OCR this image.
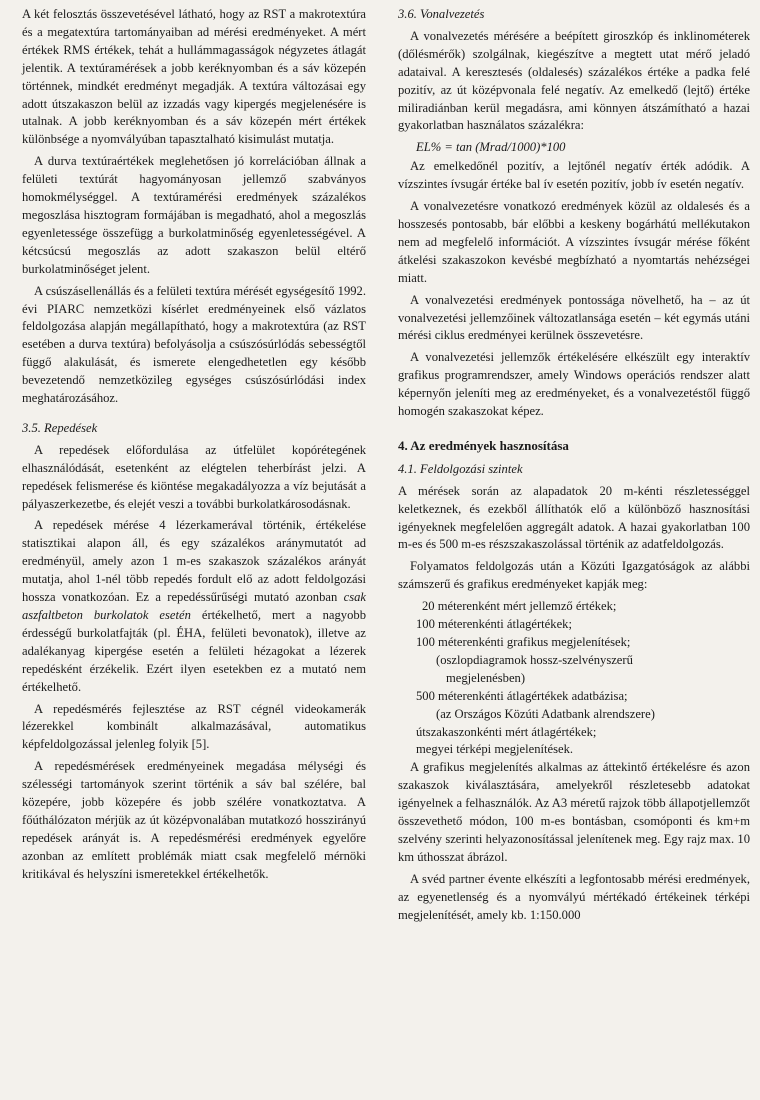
A két felosztás összevetésével látható, hogy az RST a makrotextúra és a megatextúra tartományaiban ad mérési eredményeket. A mért értékek RMS értékek, tehát a hullámmagasságok négyzetes átlagát jelentik. A textúramérések a jobb keréknyomban és a sáv közepén történnek, mindkét eredményt megadják. A textúra változásai egy adott útszakaszon belül az izzadás vagy kipergés megjelenésére is utalnak. A jobb keréknyomban és a sáv közepén mért értékek különbsége a nyomvályúban tapasztalható kisimulást mutatja.

A durva textúraértékek meglehetősen jó korrelációban állnak a felületi textúrát hagyományosan jellemző szabványos homokmélységgel. A textúramérési eredmények százalékos megoszlása hisztogram formájában is megadható, ahol a megoszlás egyenletessége összefügg a burkolatminőség egyenletességével. A kétcsúcsú megoszlás az adott szakaszon belül eltérő burkolatminőséget jelent.

A csúszásellenállás és a felületi textúra mérését egységesítő 1992. évi PIARC nemzetközi kísérlet eredményeinek első vázlatos feldolgozása alapján megállapítható, hogy a makrotextúra (az RST esetében a durva textúra) befolyásolja a csúszósúrlódás sebességtől függő alakulását, és ismerete elengedhetetlen egy később bevezetendő nemzetközileg egységes csúszósúrlódási index meghatározásához.

3.5. Repedések

A repedések előfordulása az útfelület kopórétegének elhasználódását, esetenként az elégtelen teherbírást jelzi. A repedések felismerése és kiöntése megakadályozza a víz bejutását a pályaszerkezetbe, és elejét veszi a további burkolatkárosodásnak.

A repedések mérése 4 lézerkamerával történik, értékelése statisztikai alapon áll, és egy százalékos aránymutatót ad eredményül, amely azon 1 m-es szakaszok százalékos arányát mutatja, ahol 1-nél több repedés fordult elő az adott feldolgozási hossza vonatkozóan. Ez a repedéssűrűségi mutató azonban csak aszfaltbeton burkolatok esetén értékelhető, mert a nagyobb érdességű burkolatfajták (pl. ÉHA, felületi bevonatok), illetve az adalékanyag kipergése esetén a felületi hézagokat a lézerek repedésként érzékelik. Ezért ilyen esetekben ez a mutató nem értékelhető.

A repedésmérés fejlesztése az RST cégnél videokamerák lézerekkel kombinált alkalmazásával, automatikus képfeldolgozással jelenleg folyik [5].

A repedésmérések eredményeinek megadása mélységi és szélességi tartományok szerint történik a sáv bal szélére, bal közepére, jobb közepére és jobb szélére vonatkoztatva. A főúthálózaton mérjük az út középvonalában mutatkozó hosszirányú repedések arányát is. A repedésmérési eredmények egyelőre azonban az említett problémák miatt csak megfelelő mérnöki kritikával és helyszíni ismeretekkel értékelhetők.

3.6. Vonalvezetés

A vonalvezetés mérésére a beépített giroszkóp és inklinométerek (dőlésmérők) szolgálnak, kiegészítve a megtett utat mérő jeladó adataival. A keresztesés (oldalesés) százalékos értéke a padka felé pozitív, az út középvonala felé negatív. Az emelkedő (lejtő) értéke miliradiánban kerül megadásra, ami könnyen átszámítható a hazai gyakorlatban használatos százalékra:

EL% = tan (Mrad/1000)*100

Az emelkedőnél pozitív, a lejtőnél negatív érték adódik. A vízszintes ívsugár értéke bal ív esetén pozitív, jobb ív esetén negatív.

A vonalvezetésre vonatkozó eredmények közül az oldalesés és a hosszesés pontosabb, bár előbbi a keskeny bogárhátú mellékutakon nem ad megfelelő információt. A vízszintes ívsugár mérése főként átkelési szakaszokon kevésbé megbízható a nyomtartás nehézségei miatt.

A vonalvezetési eredmények pontossága növelhető, ha – az út vonalvezetési jellemzőinek változatlansága esetén – két egymás utáni mérési ciklus eredményei kerülnek összevetésre.

A vonalvezetési jellemzők értékelésére elkészült egy interaktív grafikus programrendszer, amely Windows operációs rendszer alatt képernyőn jeleníti meg az eredményeket, és a vonalvezetéstől függő homogén szakaszokat képez.

4. Az eredmények hasznosítása
4.1. Feldolgozási szintek

A mérések során az alapadatok 20 m-kénti részletességgel keletkeznek, és ezekből állíthatók elő a különböző hasznosítási igényeknek megfelelően aggregált adatok. A hazai gyakorlatban 100 m-es és 500 m-es részszakaszolással történik az adatfeldolgozás.

Folyamatos feldolgozás után a Közúti Igazgatóságok az alábbi számszerű és grafikus eredményeket kapják meg:

20 méterenként mért jellemző értékek;
100 méterenkénti átlagértékek;
100 méterenkénti grafikus megjelenítések;
(oszlopdiagramok hossz-szelvényszerű
megjelenésben)
500 méterenkénti átlagértékek adatbázisa;
(az Országos Közúti Adatbank alrendszere)
útszakaszonkénti mért átlagértékek;
megyei térképi megjelenítések.

A grafikus megjelenítés alkalmas az áttekintő értékelésre és azon szakaszok kiválasztására, amelyekről részletesebb adatokat igényelnek a felhasználók. Az A3 méretű rajzok több állapotjellemzőt összevethető módon, 100 m-es bontásban, csomóponti és km+m szelvény szerinti helyazonosítással jelenítenek meg. Egy rajz max. 10 km úthosszat ábrázol.

A svéd partner évente elkészíti a legfontosabb mérési eredmények, az egyenetlenség és a nyomvályú mértékadó értékeinek térképi megjelenítését, amely kb. 1:150.000
